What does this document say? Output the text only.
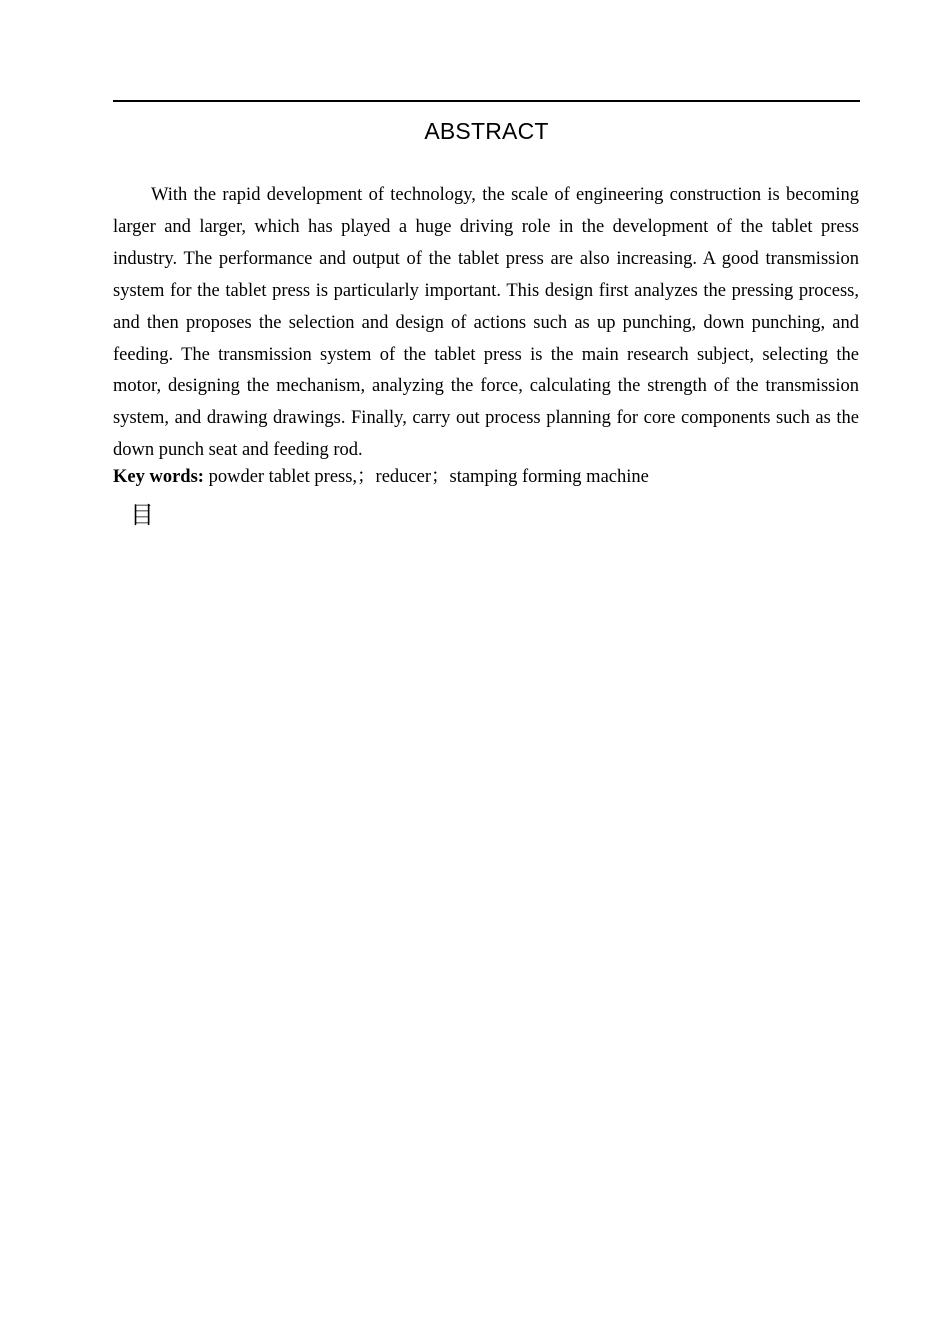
ABSTRACT

With the rapid development of technology, the scale of engineering construction is becoming larger and larger, which has played a huge driving role in the development of the tablet press industry. The performance and output of the tablet press are also increasing. A good transmission system for the tablet press is particularly important. This design first analyzes the pressing process, and then proposes the selection and design of actions such as up punching, down punching, and feeding. The transmission system of the tablet press is the main research subject, selecting the motor, designing the mechanism, analyzing the force, calculating the strength of the transmission system, and drawing drawings. Finally, carry out process planning for core components such as the down punch seat and feeding rod.

Key words: powder tablet press,；reducer；stamping forming machine
目
